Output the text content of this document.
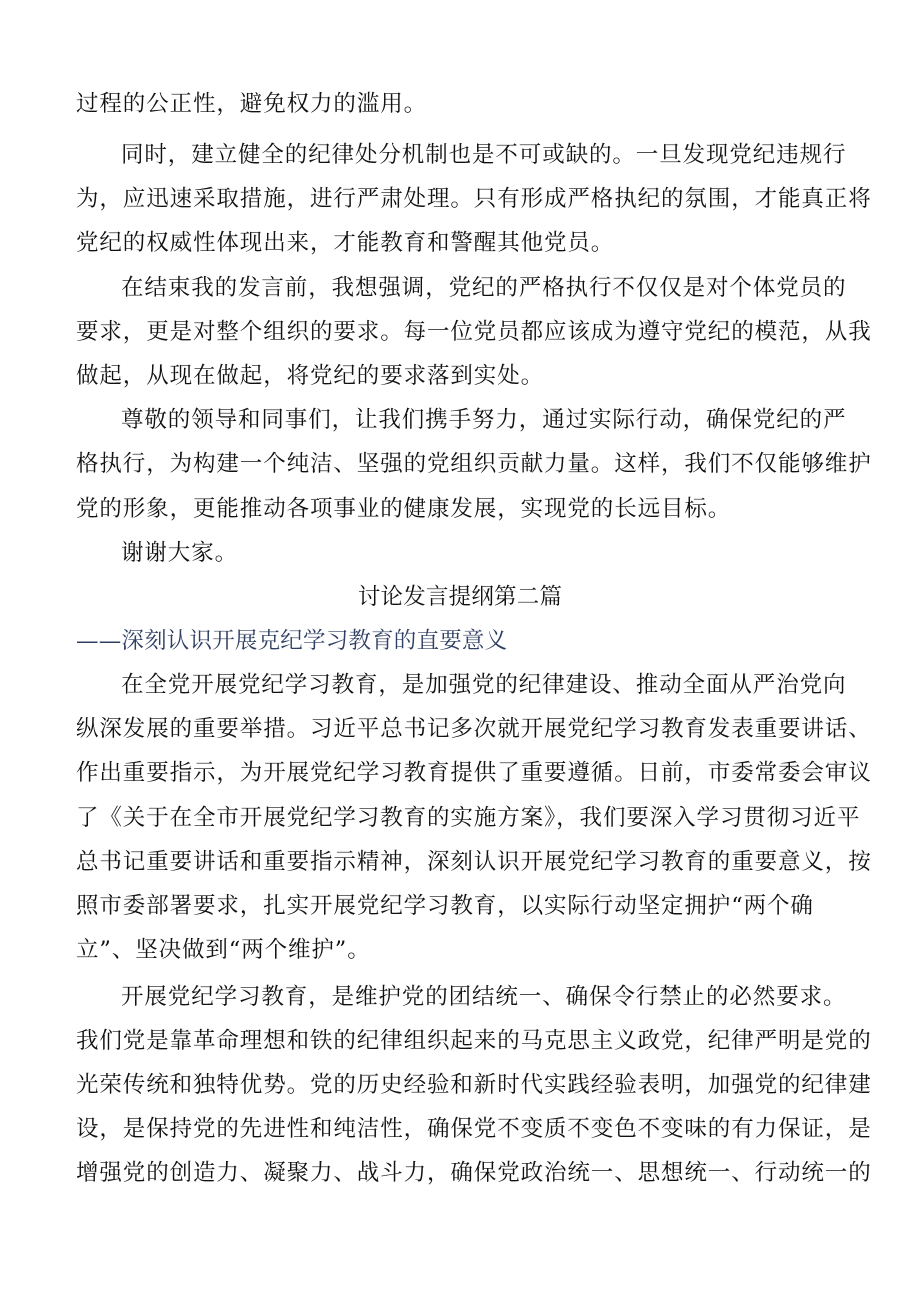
过程的公正性，避免权力的滥用。
同时，建立健全的纪律处分机制也是不可或缺的。一旦发现党纪违规行
为，应迅速采取措施，进行严肃处理。只有形成严格执纪的氛围，才能真正将
党纪的权威性体现出来，才能教育和警醒其他党员。
在结束我的发言前，我想强调，党纪的严格执行不仅仅是对个体党员的
要求，更是对整个组织的要求。每一位党员都应该成为遵守党纪的模范，从我
做起，从现在做起，将党纪的要求落到实处。
尊敬的领导和同事们，让我们携手努力，通过实际行动，确保党纪的严
格执行，为构建一个纯洁、坚强的党组织贡献力量。这样，我们不仅能够维护
党的形象，更能推动各项事业的健康发展，实现党的长远目标。
谢谢大家。
讨论发言提纲第二篇
——深刻认识开展克纪学习教育的直要意义
在全党开展党纪学习教育，是加强党的纪律建设、推动全面从严治党向
纵深发展的重要举措。习近平总书记多次就开展党纪学习教育发表重要讲话、
作出重要指示，为开展党纪学习教育提供了重要遵循。日前，市委常委会审议
了《关于在全市开展党纪学习教育的实施方案》，我们要深入学习贯彻习近平
总书记重要讲话和重要指示精神，深刻认识开展党纪学习教育的重要意义，按
照市委部署要求，扎实开展党纪学习教育，以实际行动坚定拥护“两个确
立”、坚决做到“两个维护”。
开展党纪学习教育，是维护党的团结统一、确保令行禁止的必然要求。
我们党是靠革命理想和铁的纪律组织起来的马克思主义政党，纪律严明是党的
光荣传统和独特优势。党的历史经验和新时代实践经验表明，加强党的纪律建
设，是保持党的先进性和纯洁性，确保党不变质不变色不变味的有力保证，是
增强党的创造力、凝聚力、战斗力，确保党政治统一、思想统一、行动统一的
